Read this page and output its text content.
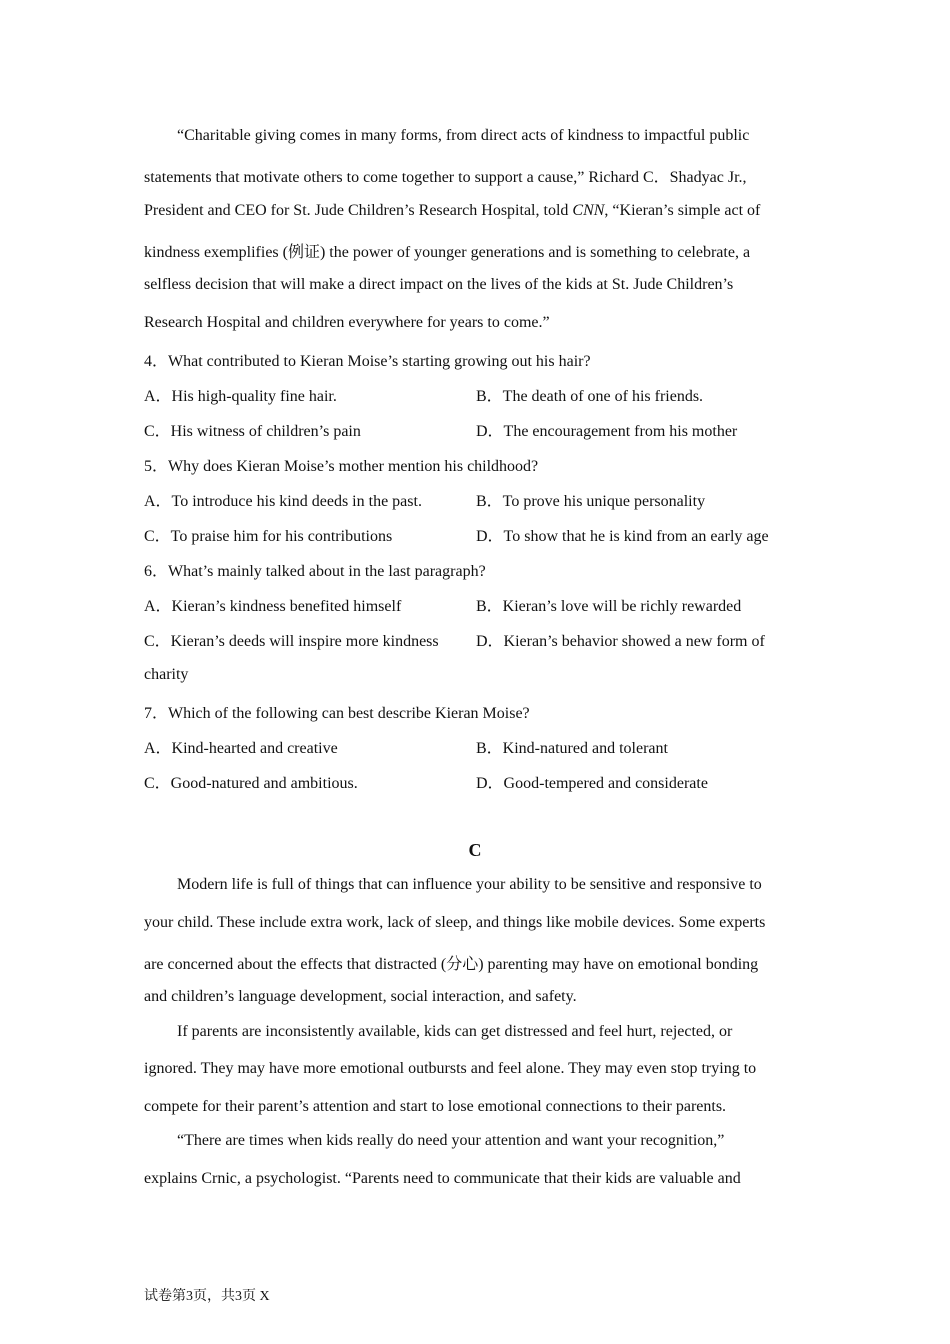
“Charitable giving comes in many forms, from direct acts of kindness to impactful public
statements that motivate others to come together to support a cause,” Richard C．Shadyac Jr.,
President and CEO for St. Jude Children’s Research Hospital, told CNN, “Kieran’s simple act of
kindness exemplifies (例证) the power of younger generations and is something to celebrate, a
selfless decision that will make a direct impact on the lives of the kids at St. Jude Children’s
Research Hospital and children everywhere for years to come.”
4．What contributed to Kieran Moise’s starting growing out his hair?
A．His high-quality fine hair.	B．The death of one of his friends.
C．His witness of children’s pain	D．The encouragement from his mother
5．Why does Kieran Moise’s mother mention his childhood?
A．To introduce his kind deeds in the past.	B．To prove his unique personality
C．To praise him for his contributions	D．To show that he is kind from an early age
6．What’s mainly talked about in the last paragraph?
A．Kieran’s kindness benefited himself	B．Kieran’s love will be richly rewarded
C．Kieran’s deeds will inspire more kindness D．Kieran’s behavior showed a new form of
charity
7．Which of the following can best describe Kieran Moise?
A．Kind-hearted and creative	B．Kind-natured and tolerant
C．Good-natured and ambitious.	D．Good-tempered and considerate
C
Modern life is full of things that can influence your ability to be sensitive and responsive to
your child. These include extra work, lack of sleep, and things like mobile devices. Some experts
are concerned about the effects that distracted (分心) parenting may have on emotional bonding
and children’s language development, social interaction, and safety.
If parents are inconsistently available, kids can get distressed and feel hurt, rejected, or
ignored. They may have more emotional outbursts and feel alone. They may even stop trying to
compete for their parent’s attention and start to lose emotional connections to their parents.
“There are times when kids really do need your attention and want your recognition,”
explains Crnic, a psychologist. “Parents need to communicate that their kids are valuable and
试卷第3页，共3页 X
